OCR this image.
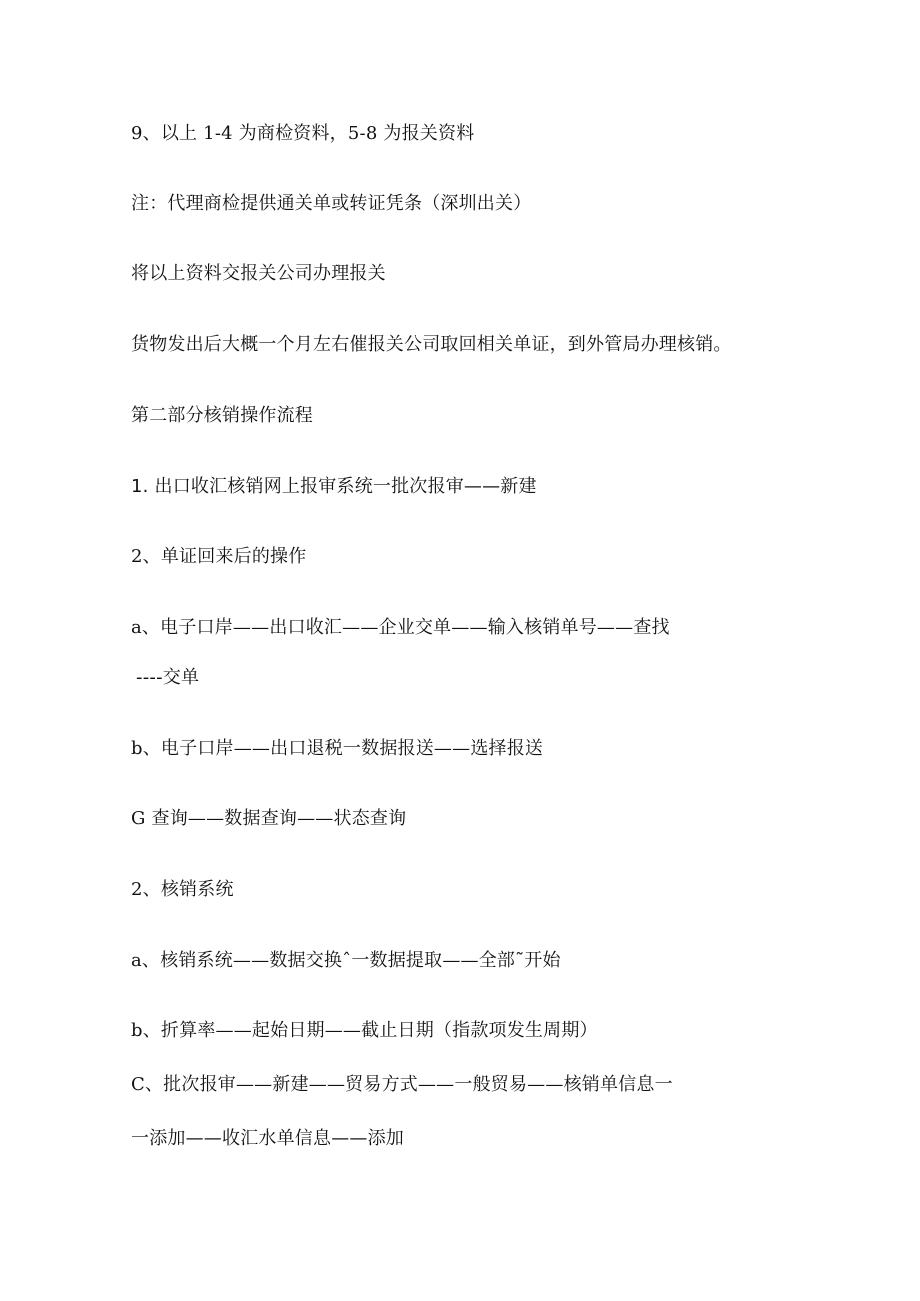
9、以上 1-4 为商检资料，5-8 为报关资料
注：代理商检提供通关单或转证凭条（深圳出关）
将以上资料交报关公司办理报关
货物发出后大概一个月左右催报关公司取回相关单证，到外管局办理核销。
第二部分核销操作流程
1. 出口收汇核销网上报审系统一批次报审——新建
2、单证回来后的操作
a、电子口岸——出口收汇——企业交单——输入核销单号——查找
----交单
b、电子口岸——出口退税一数据报送——选择报送
G 查询——数据查询——状态查询
2、核销系统
a、核销系统——数据交换ˆ一数据提取——全部˜开始
b、折算率——起始日期——截止日期（指款项发生周期）
C、批次报审——新建——贸易方式——一般贸易——核销单信息一
一添加——收汇水单信息——添加
